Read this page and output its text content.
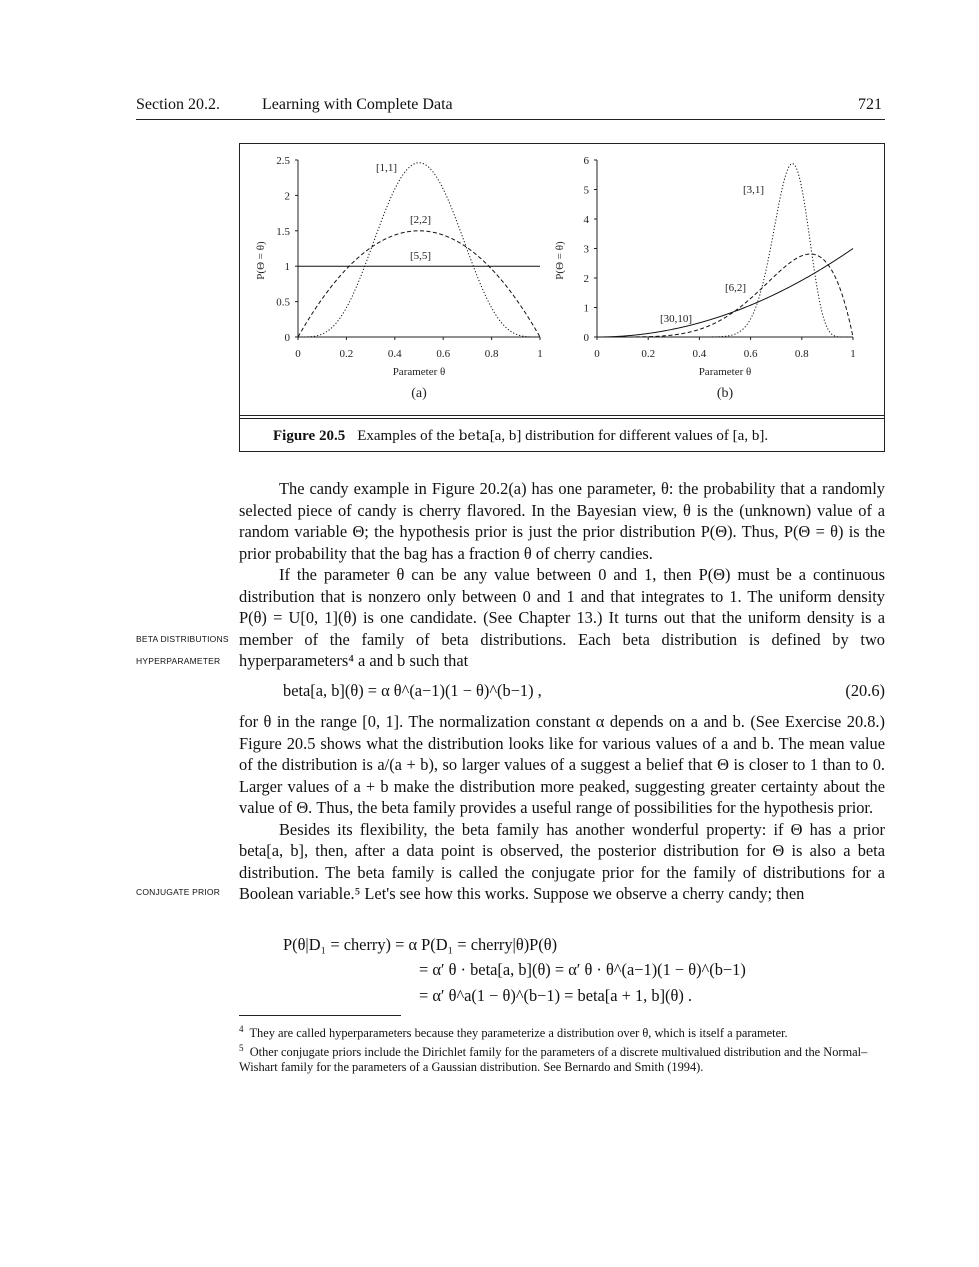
Section 20.2.	Learning with Complete Data	721
0
0.5
1
1.5
2
2.5
0	0.2	0.4	0.6	0.8	1
Parameter θ
P(Θ = θ)
(a)
[1,1]
[2,2]
[5,5]
0
1
2
3
4
5
6
0	0.2	0.4	0.6	0.8	1
Parameter θ
P(Θ = θ)
(b)
[3,1]
[6,2]
[30,10]
Figure 20.5 Examples of the beta[a, b] distribution for different values of [a, b].

The candy example in Figure 20.2(a) has one parameter, θ: the probability that a randomly selected piece of candy is cherry flavored. In the Bayesian view, θ is the (unknown) value of a random variable Θ; the hypothesis prior is just the prior distribution P(Θ). Thus, P(Θ = θ) is the prior probability that the bag has a fraction θ of cherry candies.

If the parameter θ can be any value between 0 and 1, then P(Θ) must be a continuous distribution that is nonzero only between 0 and 1 and that integrates to 1. The uniform density P(θ) = U[0, 1](θ) is one candidate. (See Chapter 13.) It turns out that the uniform density is a member of the family of beta distributions. Each beta distribution is defined by two hyperparameters⁴ a and b such that

BETA DISTRIBUTIONS
HYPERPARAMETER
beta[a, b](θ) = α θ^(a−1)(1 − θ)^(b−1) ,	(20.6)

for θ in the range [0, 1]. The normalization constant α depends on a and b. (See Exercise 20.8.) Figure 20.5 shows what the distribution looks like for various values of a and b. The mean value of the distribution is a/(a + b), so larger values of a suggest a belief that Θ is closer to 1 than to 0. Larger values of a + b make the distribution more peaked, suggesting greater certainty about the value of Θ. Thus, the beta family provides a useful range of possibilities for the hypothesis prior.

Besides its flexibility, the beta family has another wonderful property: if Θ has a prior beta[a, b], then, after a data point is observed, the posterior distribution for Θ is also a beta distribution. The beta family is called the conjugate prior for the family of distributions for a Boolean variable.⁵ Let's see how this works. Suppose we observe a cherry candy; then

CONJUGATE PRIOR
P(θ|D₁ = cherry) = α P(D₁ = cherry|θ)P(θ)
= α′ θ · beta[a, b](θ) = α′ θ · θ^(a−1)(1 − θ)^(b−1)
= α′ θ^a(1 − θ)^(b−1) = beta[a + 1, b](θ) .
$^4$ They are called hyperparameters because they parameterize a distribution over θ, which is itself a parameter.
$^5$ Other conjugate priors include the Dirichlet family for the parameters of a discrete multivalued distribution and the Normal–Wishart family for the parameters of a Gaussian distribution. See Bernardo and Smith (1994).
